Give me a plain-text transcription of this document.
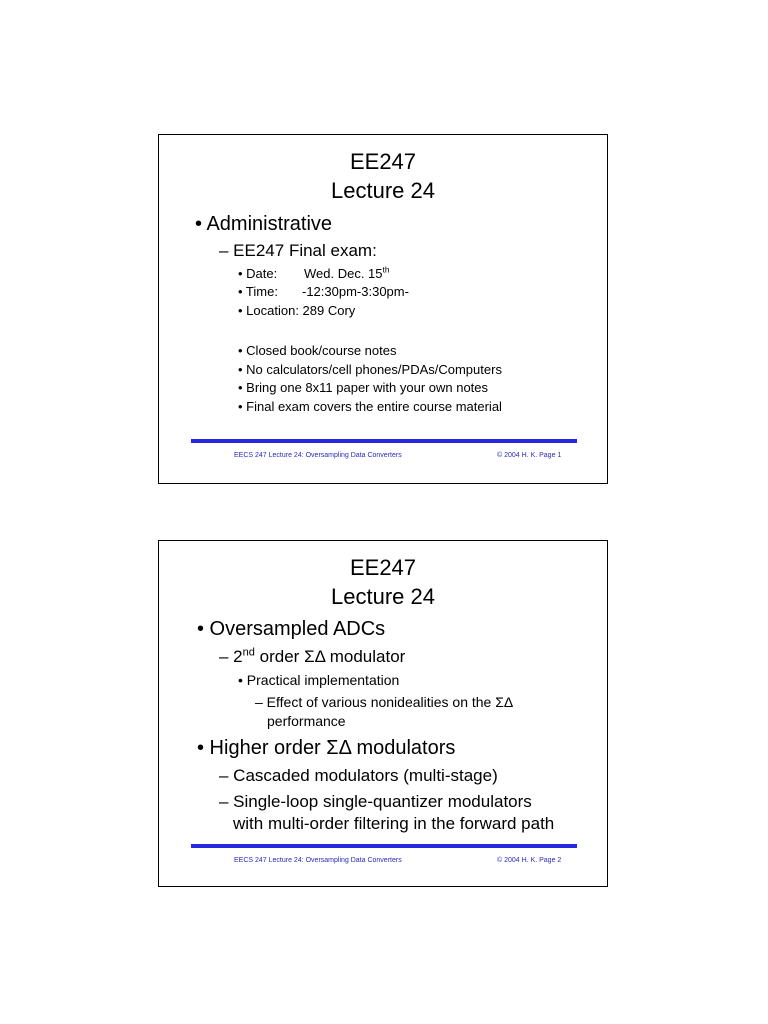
EE247
Lecture 24
• Administrative
– EE247 Final exam:
• Date: Wed. Dec. 15th
• Time: -12:30pm-3:30pm-
• Location: 289 Cory
• Closed book/course notes
• No calculators/cell phones/PDAs/Computers
• Bring one 8x11 paper with your own notes
• Final exam covers the entire course material
EECS 247 Lecture 24: Oversampling Data Converters	© 2004 H. K. Page 1
EE247
Lecture 24
• Oversampled ADCs
– 2nd order ΣΔ modulator
• Practical implementation
– Effect of various nonidealities on the ΣΔ
performance
• Higher order ΣΔ modulators
– Cascaded modulators (multi-stage)
– Single-loop single-quantizer modulators
with multi-order filtering in the forward path
EECS 247 Lecture 24: Oversampling Data Converters	© 2004 H. K. Page 2
